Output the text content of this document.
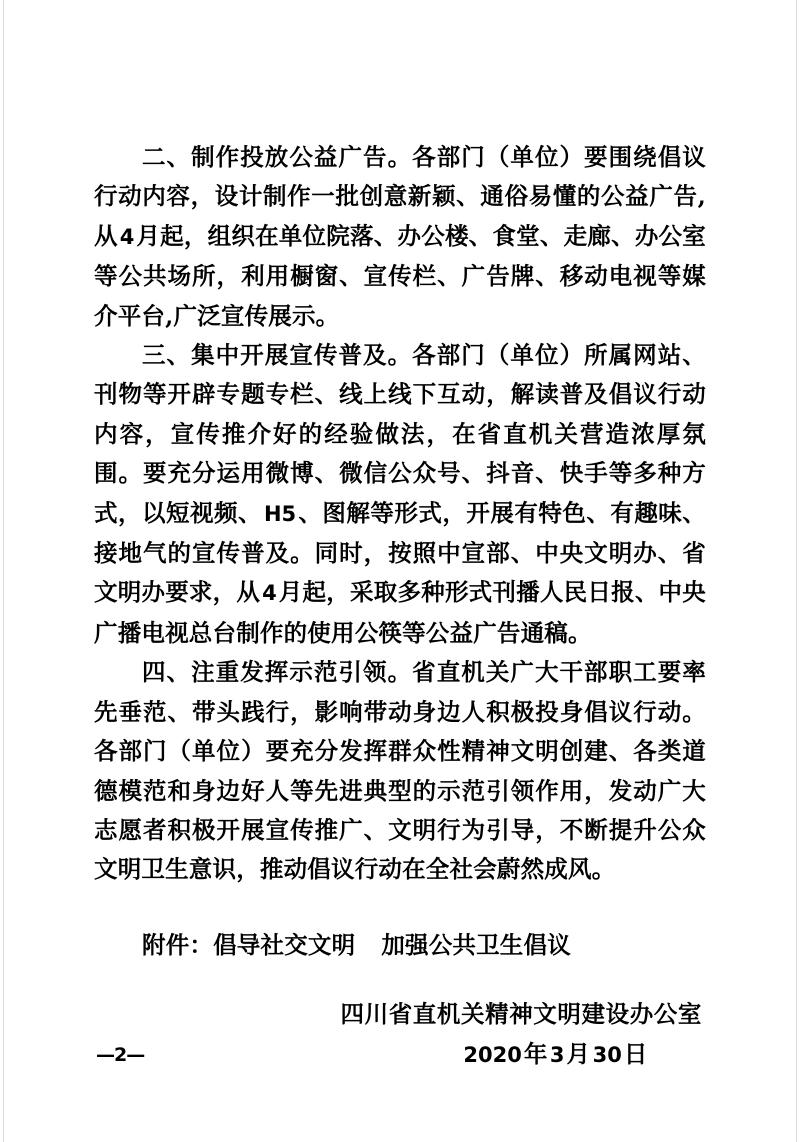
二、制作投放公益广告。各部门（单位）要围绕倡议行动内容，设计制作一批创意新颖、通俗易懂的公益广告,从4月起，组织在单位院落、办公楼、食堂、走廊、办公室等公共场所，利用橱窗、宣传栏、广告牌、移动电视等媒介平台,广泛宣传展示。

三、集中开展宣传普及。各部门（单位）所属网站、刊物等开辟专题专栏、线上线下互动，解读普及倡议行动内容，宣传推介好的经验做法，在省直机关营造浓厚氛围。要充分运用微博、微信公众号、抖音、快手等多种方式，以短视频、H5、图解等形式，开展有特色、有趣味、接地气的宣传普及。同时，按照中宣部、中央文明办、省文明办要求，从4月起，采取多种形式刊播人民日报、中央广播电视总台制作的使用公筷等公益广告通稿。

四、注重发挥示范引领。省直机关广大干部职工要率先垂范、带头践行，影响带动身边人积极投身倡议行动。各部门（单位）要充分发挥群众性精神文明创建、各类道德模范和身边好人等先进典型的示范引领作用，发动广大志愿者积极开展宣传推广、文明行为引导，不断提升公众文明卫生意识，推动倡议行动在全社会蔚然成风。

附件：倡导社交文明 加强公共卫生倡议

四川省直机关精神文明建设办公室
2020年3月30日
—2—
